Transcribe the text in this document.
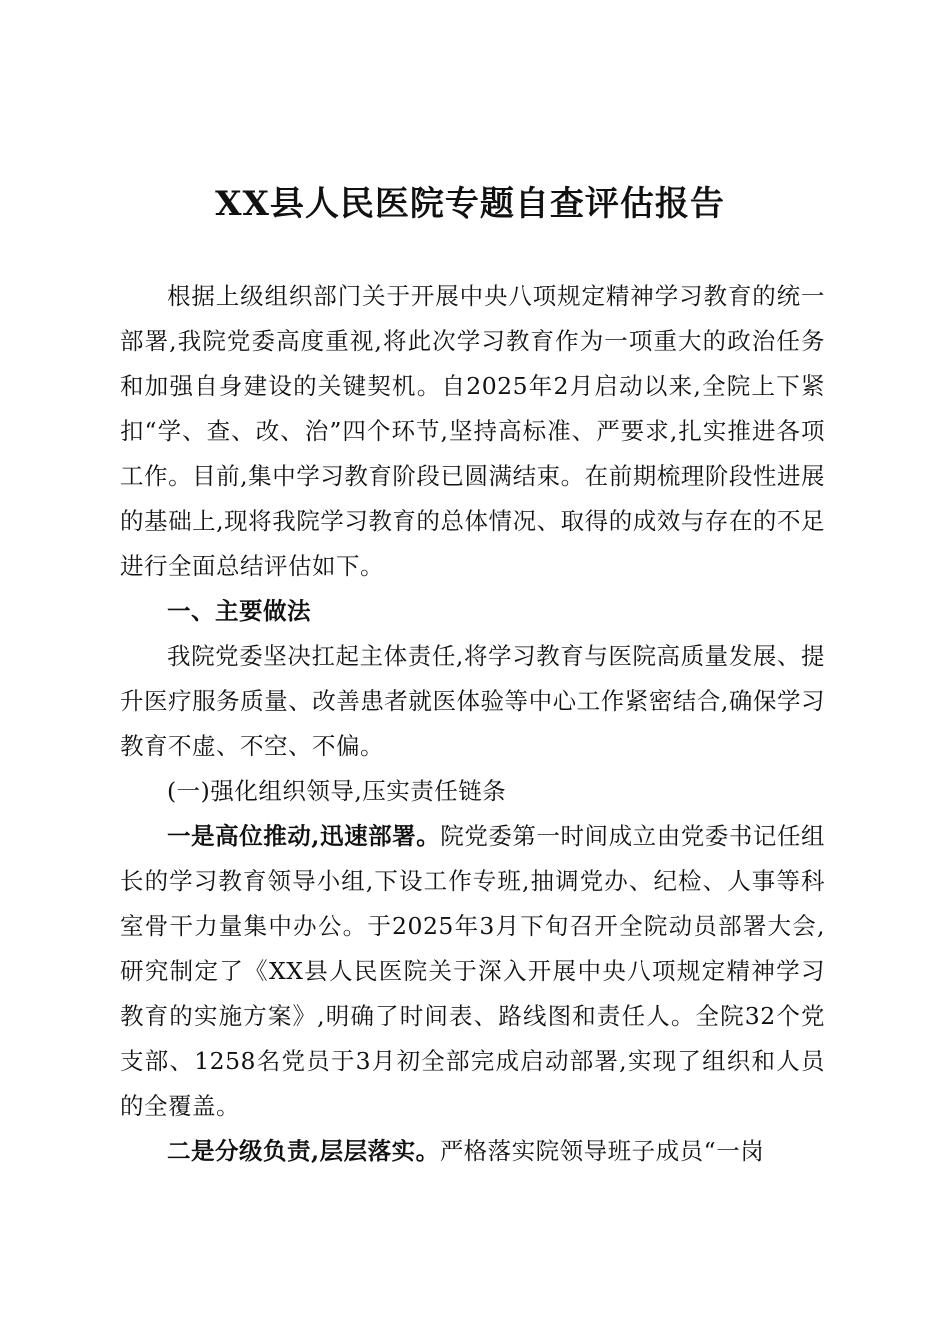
XX县人民医院专题自查评估报告

根据上级组织部门关于开展中央八项规定精神学习教育的统一部署,我院党委高度重视,将此次学习教育作为一项重大的政治任务和加强自身建设的关键契机。自2025年2月启动以来,全院上下紧扣“学、查、改、治”四个环节,坚持高标准、严要求,扎实推进各项工作。目前,集中学习教育阶段已圆满结束。在前期梳理阶段性进展的基础上,现将我院学习教育的总体情况、取得的成效与存在的不足进行全面总结评估如下。

一、主要做法

我院党委坚决扛起主体责任,将学习教育与医院高质量发展、提升医疗服务质量、改善患者就医体验等中心工作紧密结合,确保学习教育不虚、不空、不偏。

(一)强化组织领导,压实责任链条

一是高位推动,迅速部署。院党委第一时间成立由党委书记任组长的学习教育领导小组,下设工作专班,抽调党办、纪检、人事等科室骨干力量集中办公。于2025年3月下旬召开全院动员部署大会,研究制定了《XX县人民医院关于深入开展中央八项规定精神学习教育的实施方案》,明确了时间表、路线图和责任人。全院32个党支部、1258名党员于3月初全部完成启动部署,实现了组织和人员的全覆盖。

二是分级负责,层层落实。严格落实院领导班子成员“一岗
